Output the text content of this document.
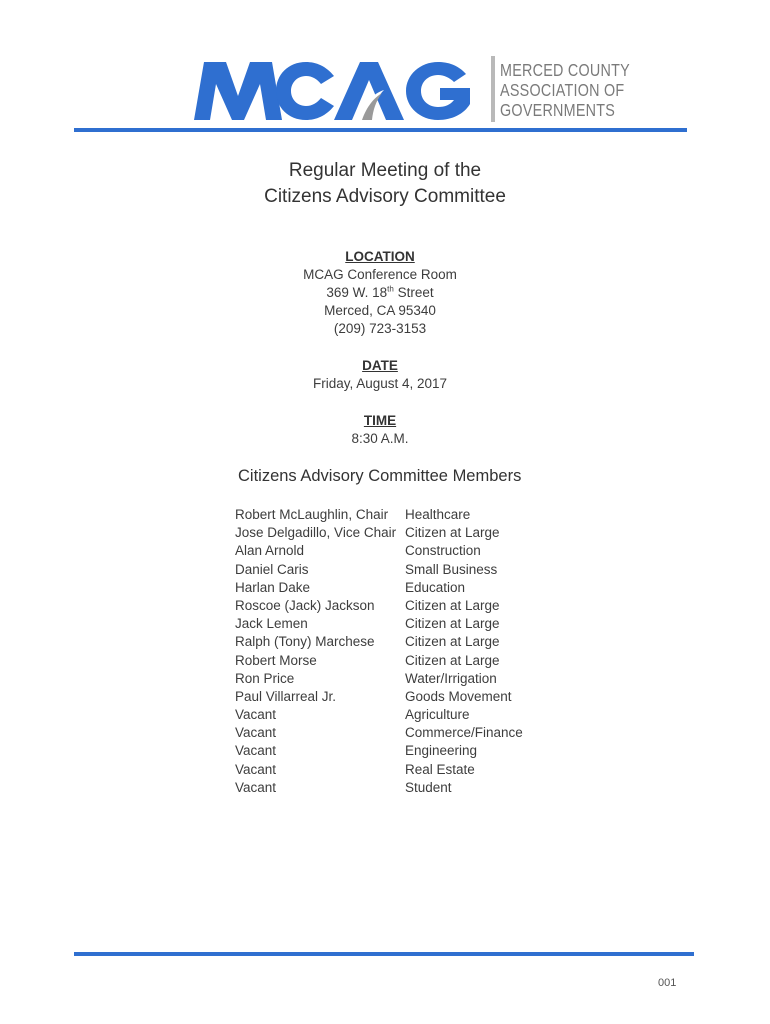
MERCED COUNTY
ASSOCIATION OF
GOVERNMENTS
Regular Meeting of the
Citizens Advisory Committee
LOCATION
MCAG Conference Room
369 W. 18th Street
Merced, CA 95340
(209) 723-3153
DATE
Friday, August 4, 2017
TIME
8:30 A.M.
Citizens Advisory Committee Members
Robert McLaughlin, Chair Healthcare
Jose Delgadillo, Vice Chair Citizen at Large
Alan Arnold	Construction
Daniel Caris	Small Business
Harlan Dake	Education
Roscoe (Jack) Jackson Citizen at Large
Jack Lemen	Citizen at Large
Ralph (Tony) Marchese Citizen at Large
Robert Morse	Citizen at Large
Ron Price	Water/Irrigation
Paul Villarreal Jr.	Goods Movement
Vacant	Agriculture
Vacant	Commerce/Finance
Vacant	Engineering
Vacant	Real Estate
Vacant	Student
001
